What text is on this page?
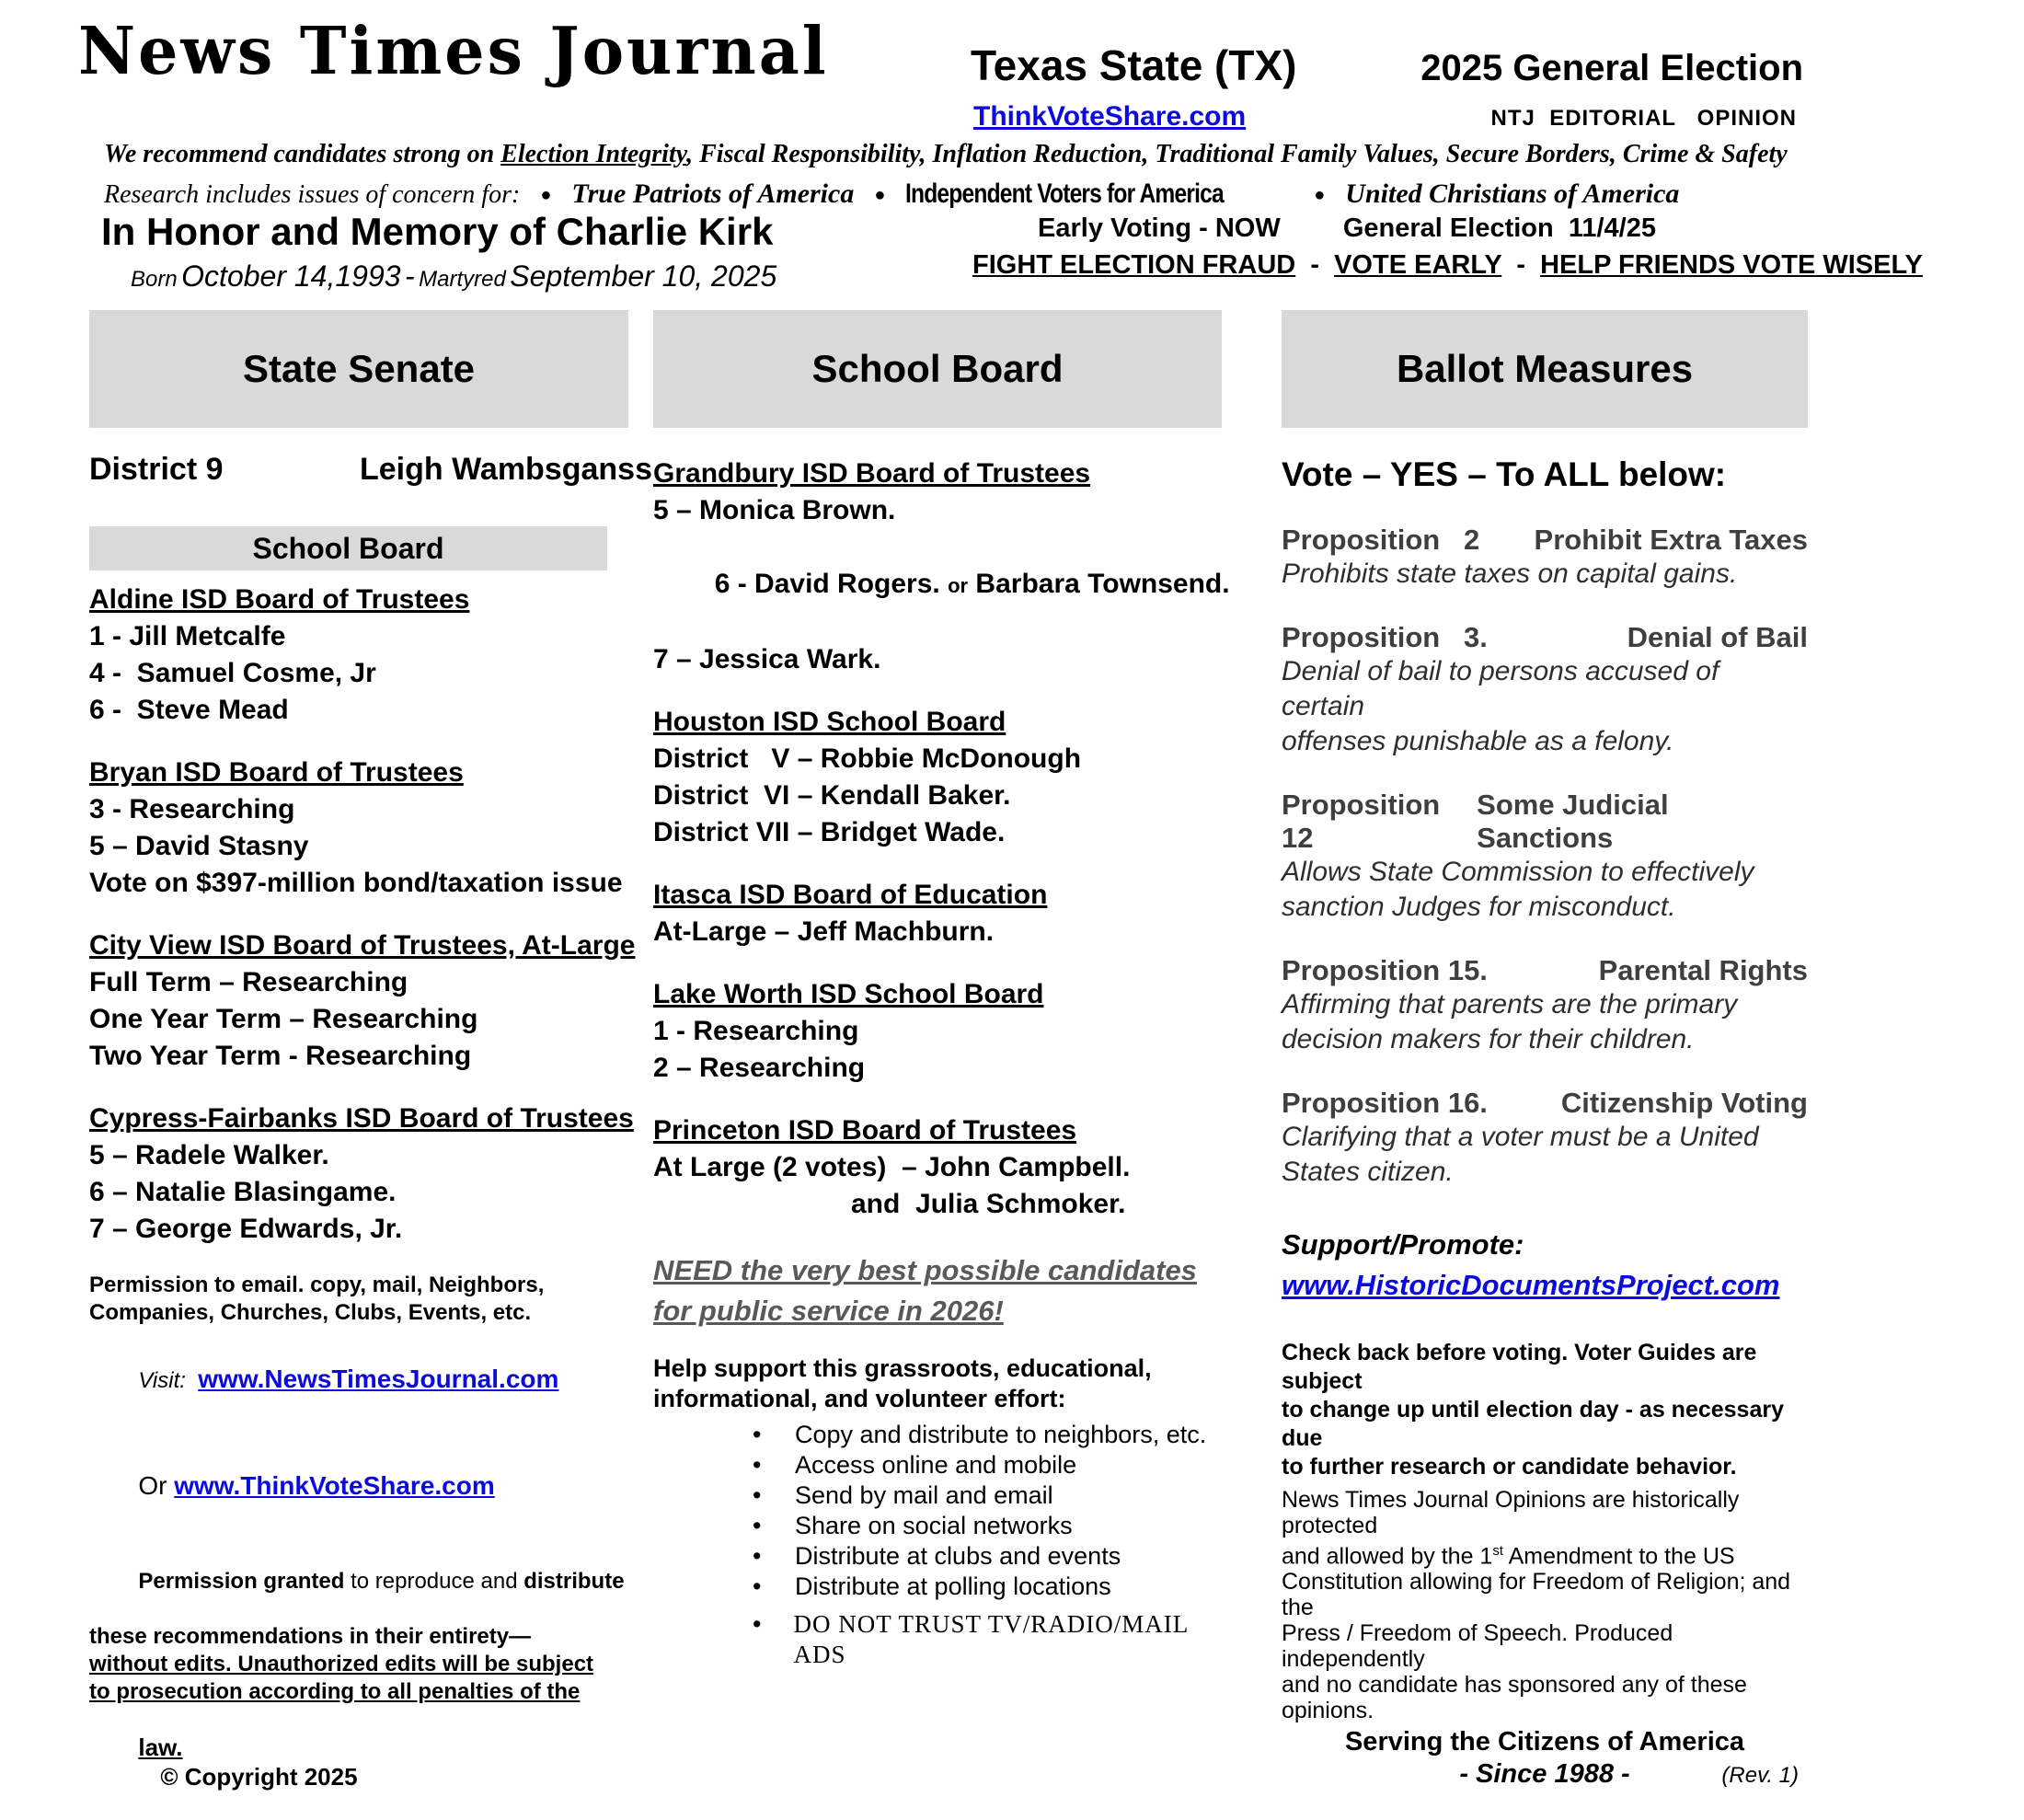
News Times Journal	Texas State (TX)	2025 General Election
ThinkVoteShare.com	NTJ  EDITORIAL   OPINION
We recommend candidates strong on Election Integrity, Fiscal Responsibility, Inflation Reduction, Traditional Family Values, Secure Borders, Crime & Safety
Research includes issues of concern for: ● True Patriots of America ● Independent Voters for America	● United Christians of America
In Honor and Memory of Charlie Kirk
Born October 14,1993 - Martyred September 10, 2025
Early Voting - NOW General Election  11/4/25
FIGHT ELECTION FRAUD  -  VOTE EARLY  -  HELP FRIENDS VOTE WISELY
State Senate
District 9	Leigh Wambsganss
School Board
Aldine ISD Board of Trustees
1 - Jill Metcalfe
4 -  Samuel Cosme, Jr
6 -  Steve Mead
Bryan ISD Board of Trustees
3 - Researching
5 – David Stasny
Vote on $397-million bond/taxation issue
City View ISD Board of Trustees, At-Large
Full Term – Researching
One Year Term – Researching
Two Year Term - Researching
Cypress-Fairbanks ISD Board of Trustees
5 – Radele Walker.
6 – Natalie Blasingame.
7 – George Edwards, Jr.
Permission to email. copy, mail, Neighbors,
Companies, Churches, Clubs, Events, etc.

Visit:  www.NewsTimesJournal.com

Or www.ThinkVoteShare.com

Permission granted to reproduce and distribute

these recommendations in their entirety—
without edits. Unauthorized edits will be subject
to prosecution according to all penalties of the

law.
© Copyright 2025

School Board
Grandbury ISD Board of Trustees
5 – Monica Brown.

6 - David Rogers. or Barbara Townsend.

7 – Jessica Wark.
Houston ISD School Board
District   V – Robbie McDonough
District  VI – Kendall Baker.
District VII – Bridget Wade.
Itasca ISD Board of Education
At-Large – Jeff Machburn.
Lake Worth ISD School Board
1 - Researching
2 – Researching
Princeton ISD Board of Trustees
At Large (2 votes)  – John Campbell.
and  Julia Schmoker.
NEED the very best possible candidates
for public service in 2026!
Help support this grassroots, educational,
informational, and volunteer effort:
•	Copy and distribute to neighbors, etc.
•	Access online and mobile
•	Send by mail and email
•	Share on social networks
•	Distribute at clubs and events
•	Distribute at polling locations
•	DO NOT TRUST TV/RADIO/MAIL ADS
Ballot Measures
Vote – YES – To ALL below:
Proposition   2 Prohibit Extra Taxes
Prohibits state taxes on capital gains.
Proposition   3.	Denial of Bail
Denial of bail to persons accused of certain
offenses punishable as a felony.
Proposition 12
Some Judicial Sanctions
Allows State Commission to effectively
sanction Judges for misconduct.
Proposition 15.	Parental Rights
Affirming that parents are the primary
decision makers for their children.
Proposition 16.	Citizenship Voting
Clarifying that a voter must be a United
States citizen.
Support/Promote:
www.HistoricDocumentsProject.com
Check back before voting. Voter Guides are subject
to change up until election day - as necessary due
to further research or candidate behavior.
News Times Journal Opinions are historically protected
and allowed by the 1st Amendment to the US
Constitution allowing for Freedom of Religion; and the
Press / Freedom of Speech. Produced independently
and no candidate has sponsored any of these opinions.
Serving the Citizens of America
- Since 1988 -	(Rev. 1)
